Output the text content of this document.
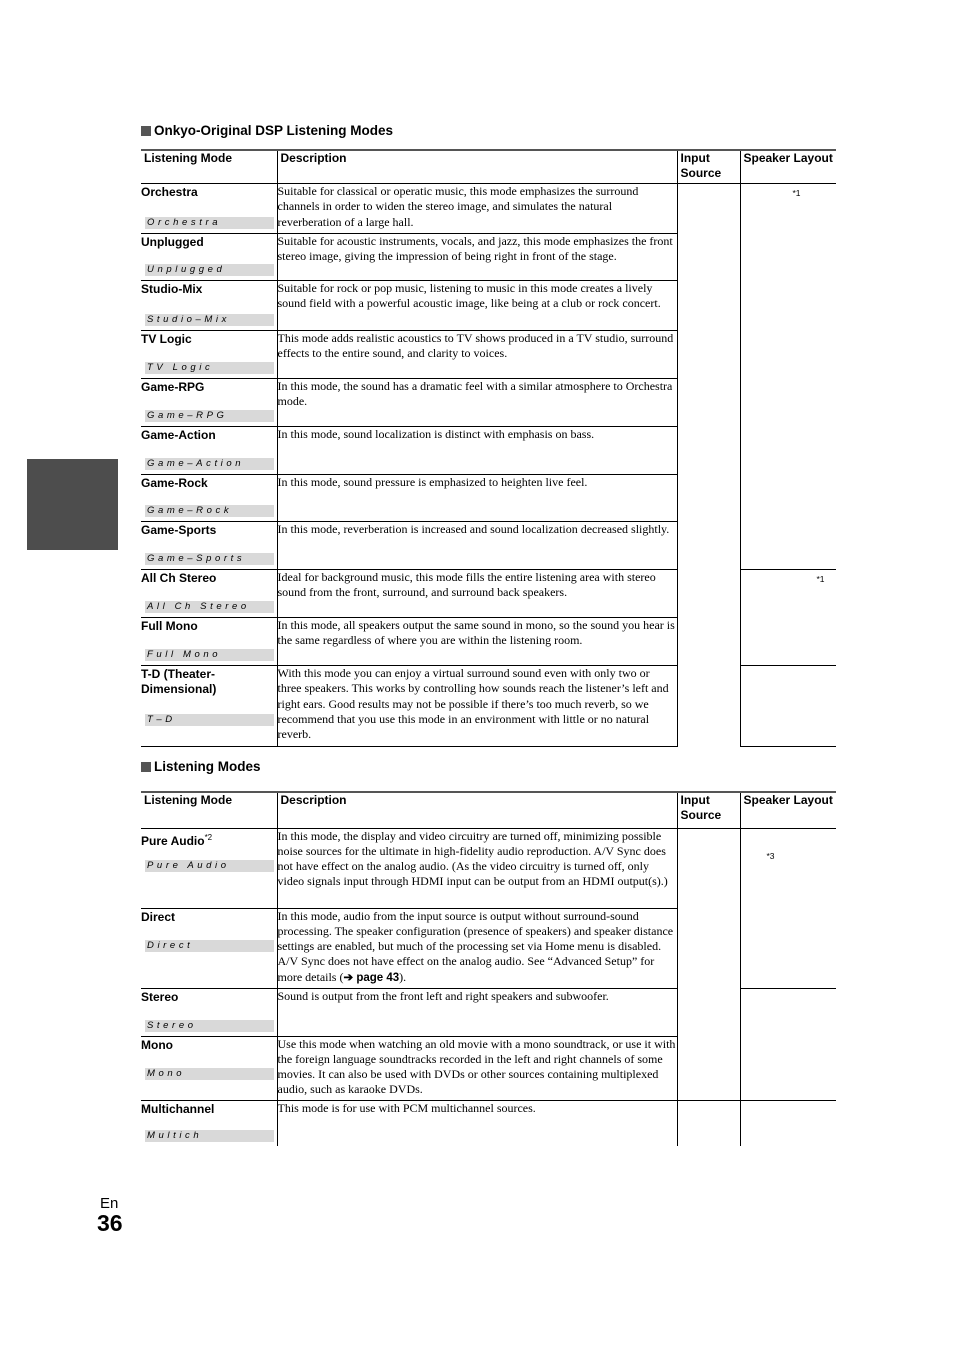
Onkyo-Original DSP Listening Modes
Listening Mode	Description	Input Source	Speaker Layout

Orchestra
Orchestra	Suitable for classical or operatic music, this mode emphasizes the surround channels in order to widen the stereo image, and simulates the natural reverberation of a large hall.		*1

Unplugged
Unplugged	Suitable for acoustic instruments, vocals, and jazz, this mode emphasizes the front stereo image, giving the impression of being right in front of the stage.		

Studio-Mix
Studio–Mix	Suitable for rock or pop music, listening to music in this mode creates a lively sound field with a powerful acoustic image, like being at a club or rock concert.		

TV Logic
TV Logic	This mode adds realistic acoustics to TV shows produced in a TV studio, surround effects to the entire sound, and clarity to voices.		

Game-RPG
Game–RPG	In this mode, the sound has a dramatic feel with a similar atmosphere to Orchestra mode.		

Game-Action
Game–Action	In this mode, sound localization is distinct with emphasis on bass.		

Game-Rock
Game–Rock	In this mode, sound pressure is emphasized to heighten live feel.		

Game-Sports
Game–Sports	In this mode, reverberation is increased and sound localization decreased slightly.		

All Ch Stereo
All Ch Stereo	Ideal for background music, this mode fills the entire listening area with stereo sound from the front, surround, and surround back speakers.		*1

Full Mono
Full Mono	In this mode, all speakers output the same sound in mono, so the sound you hear is the same regardless of where you are within the listening room.		

T-D (Theater-Dimensional)
T–D	With this mode you can enjoy a virtual surround sound even with only two or three speakers. This works by controlling how sounds reach the listener’s left and right ears. Good results may not be possible if there’s too much reverb, so we recommend that you use this mode in an environment with little or no natural reverb.		
Listening Modes
Listening Mode	Description	Input Source	Speaker Layout

Pure Audio$^{*2}$
Pure Audio	In this mode, the display and video circuitry are turned off, minimizing possible noise sources for the ultimate in high-fidelity audio reproduction. A/V Sync does not have effect on the analog audio. (As the video circuitry is turned off, only video signals input through HDMI input can be output from an HDMI output(s).)		*3

Direct
Direct	In this mode, audio from the input source is output without surround-sound processing. The speaker configuration (presence of speakers) and speaker distance settings are enabled, but much of the processing set via Home menu is disabled. A/V Sync does not have effect on the analog audio. See “Advanced Setup” for more details (➔ page 43).		

Stereo
Stereo	Sound is output from the front left and right speakers and subwoofer.		

Mono
Mono	Use this mode when watching an old movie with a mono soundtrack, or use it with the foreign language soundtracks recorded in the left and right channels of some movies. It can also be used with DVDs or other sources containing multiplexed audio, such as karaoke DVDs.		

Multichannel
Multich	This mode is for use with PCM multichannel sources.		
En
36
